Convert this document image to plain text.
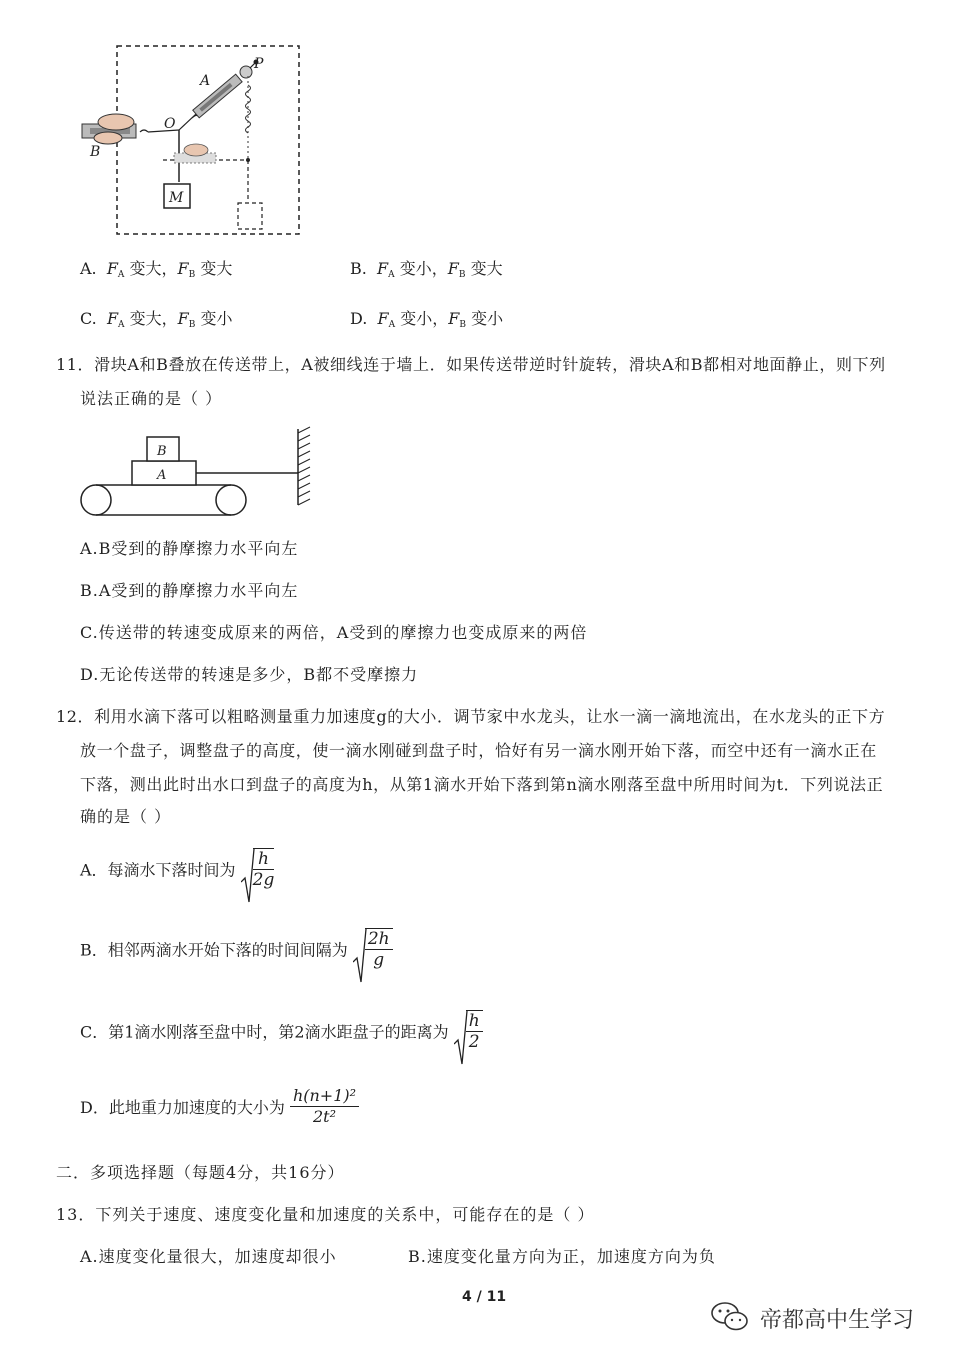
A
P
O
B
M
A. $F_A$ 变大，$F_B$ 变大	B. $F_A$ 变小，$F_B$ 变大
C. $F_A$ 变大，$F_B$ 变小	D. $F_A$ 变小，$F_B$ 变小
11．滑块A和B叠放在传送带上，A被细线连于墙上．如果传送带逆时针旋转，滑块A和B都相对地面静止，则下列
说法正确的是（ ）
B
A
A.B受到的静摩擦力水平向左
B.A受到的静摩擦力水平向左
C.传送带的转速变成原来的两倍，A受到的摩擦力也变成原来的两倍
D.无论传送带的转速是多少，B都不受摩擦力
12．利用水滴下落可以粗略测量重力加速度g的大小．调节家中水龙头，让水一滴一滴地流出，在水龙头的正下方
放一个盘子，调整盘子的高度，使一滴水刚碰到盘子时，恰好有另一滴水刚开始下落，而空中还有一滴水正在
下落，测出此时出水口到盘子的高度为h，从第1滴水开始下落到第n滴水刚落至盘中所用时间为t．下列说法正
确的是（ ）
A．每滴水下落时间为 $\frac{h}{2g}$
B．相邻两滴水开始下落的时间间隔为 $\frac{2h}{g}$
C．第1滴水刚落至盘中时，第2滴水距盘子的距离为 $\frac{h}{2}$
D．此地重力加速度的大小为 $\frac{\text{h(n+1)²}}{\text{2t²}}$
二．多项选择题（每题4分，共16分）
13．下列关于速度、速度变化量和加速度的关系中，可能存在的是（ ）
A.速度变化量很大，加速度却很小	B.速度变化量方向为正，加速度方向为负
4 / 11
帝都高中生学习
